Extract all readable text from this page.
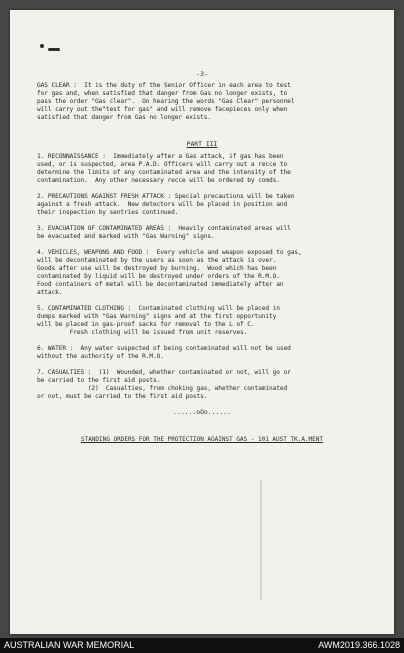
-3-
GAS CLEAR :  It is the duty of the Senior Officer in each area to test
for gas and, when satisfied that danger from Gas no longer exists, to
pass the order "Gas clear".  On hearing the words "Gas Clear" personnel
will carry out the"test for gas" and will remove facepieces only when
satisfied that danger from Gas no longer exists.
PART III
1. RECONNAISSANCE :  Immediately after a Gas attack, if gas has been
used, or is suspected, area P.A.D. Officers will carry out a recce to
determine the limits of any contaminated area and the intensity of the
contamination.  Any other necessary recce will be ordered by comds.
2. PRECAUTIONS AGAINST FRESH ATTACK : Special precautions will be taken
against a fresh attack.  New detectors will be placed in position and
their inspection by sentries continued.
3. EVACUATION OF CONTAMINATED AREAS :  Heavily contaminated areas will
be evacuated and marked with "Gas Warning" signs.
4. VEHICLES, WEAPONS AND FOOD :  Every vehicle and weapon exposed to gas,
will be decontaminated by the users as soon as the attack is over.
Goods after use will be destroyed by burning.  Wood which has been
contaminated by liquid will be destroyed under orders of the R.M.O.
Food containers of metal will be decontaminated immediately after an
attack.
5. CONTAMINATED CLOTHING :  Contaminated clothing will be placed in
dumps marked with "Gas Warning" signs and at the first opportunity
will be placed in gas-proof sacks for removal to the L of C.
Fresh clothing will be issued from unit reserves.
6. WATER :  Any water suspected of being contaminated will not be used
without the authority of the R.M.O.
7. CASUALTIES :  (1)  Wounded, whether contaminated or not, will go or
be carried to the first aid posts.
(2)  Casualties, from choking gas, whether contaminated
or not, must be carried to the first aid posts.
......oOo......
STANDING ORDERS FOR THE PROTECTION AGAINST GAS - 101 AUST TK.A.MENT
AUSTRALIAN WAR MEMORIAL	AWM2019.366.1028
